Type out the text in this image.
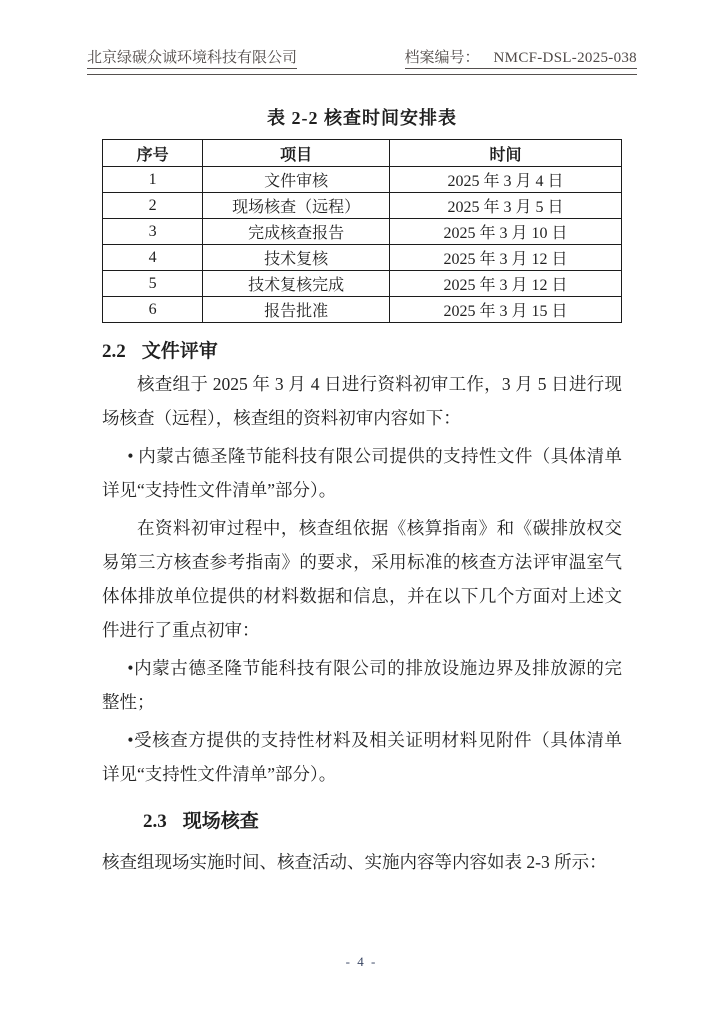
北京绿碳众诚环境科技有限公司	档案编号： NMCF-DSL-2025-038
表 2-2 核查时间安排表
序号	项目	时间
1	文件审核	2025 年 3 月 4 日
2	现场核查（远程）	2025 年 3 月 5 日
3	完成核查报告	2025 年 3 月 10 日
4	技术复核	2025 年 3 月 12 日
5	技术复核完成	2025 年 3 月 12 日
6	报告批准	2025 年 3 月 15 日
2.2 文件评审

核查组于 2025 年 3 月 4 日进行资料初审工作，3 月 5 日进行现场核查（远程），核查组的资料初审内容如下：

• 内蒙古德圣隆节能科技有限公司提供的支持性文件（具体清单详见“支持性文件清单”部分）。

在资料初审过程中，核查组依据《核算指南》和《碳排放权交易第三方核查参考指南》的要求，采用标准的核查方法评审温室气体体排放单位提供的材料数据和信息，并在以下几个方面对上述文件进行了重点初审：

•内蒙古德圣隆节能科技有限公司的排放设施边界及排放源的完整性；

•受核查方提供的支持性材料及相关证明材料见附件（具体清单详见“支持性文件清单”部分）。

2.3 现场核查

核查组现场实施时间、核查活动、实施内容等内容如表 2-3 所示：

- 4 -
